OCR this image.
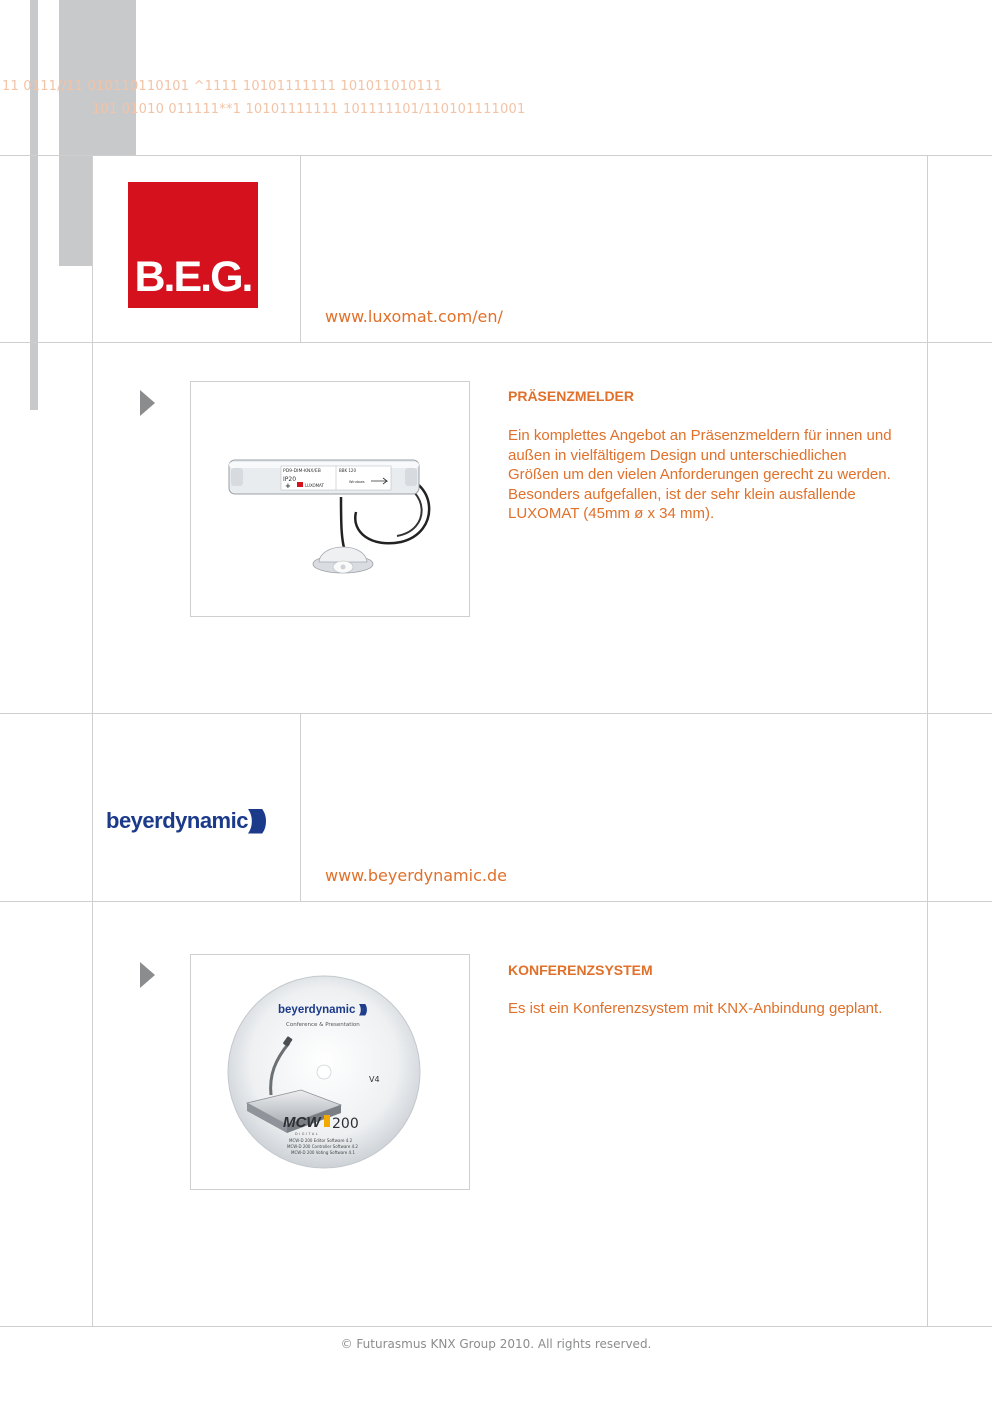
11 0111//11 010110110101 ^1111 10101111111 101011010111
101 01010 011111**1 10101111111 101111101/110101111001
B.E.G.
www.luxomat.com/en/
PD9-DIM-KNX/EB
IP20
LUXOMAT
BBK 120
Windows
+
PRÄSENZMELDER
Ein komplettes Angebot an Präsenzmeldern für innen und außen in vielfältigem Design und unterschiedlichen Größen um den vielen Anforderungen gerecht zu werden. Besonders aufgefallen, ist der sehr klein ausfallende LUXOMAT (45mm ø x 34 mm).
beyerdynamic)))))
www.beyerdynamic.de
beyerdynamic ))))
Conference & Presentation
V4
MCW 200
DIGITAL
MCW-D 200 Editor Software 4.2
MCW-D 200 Controller Software 4.2
MCW-D 200 Voting Software 4.1
KONFERENZSYSTEM
Es ist ein Konferenzsystem mit KNX-Anbindung geplant.
© Futurasmus KNX Group 2010. All rights reserved.
